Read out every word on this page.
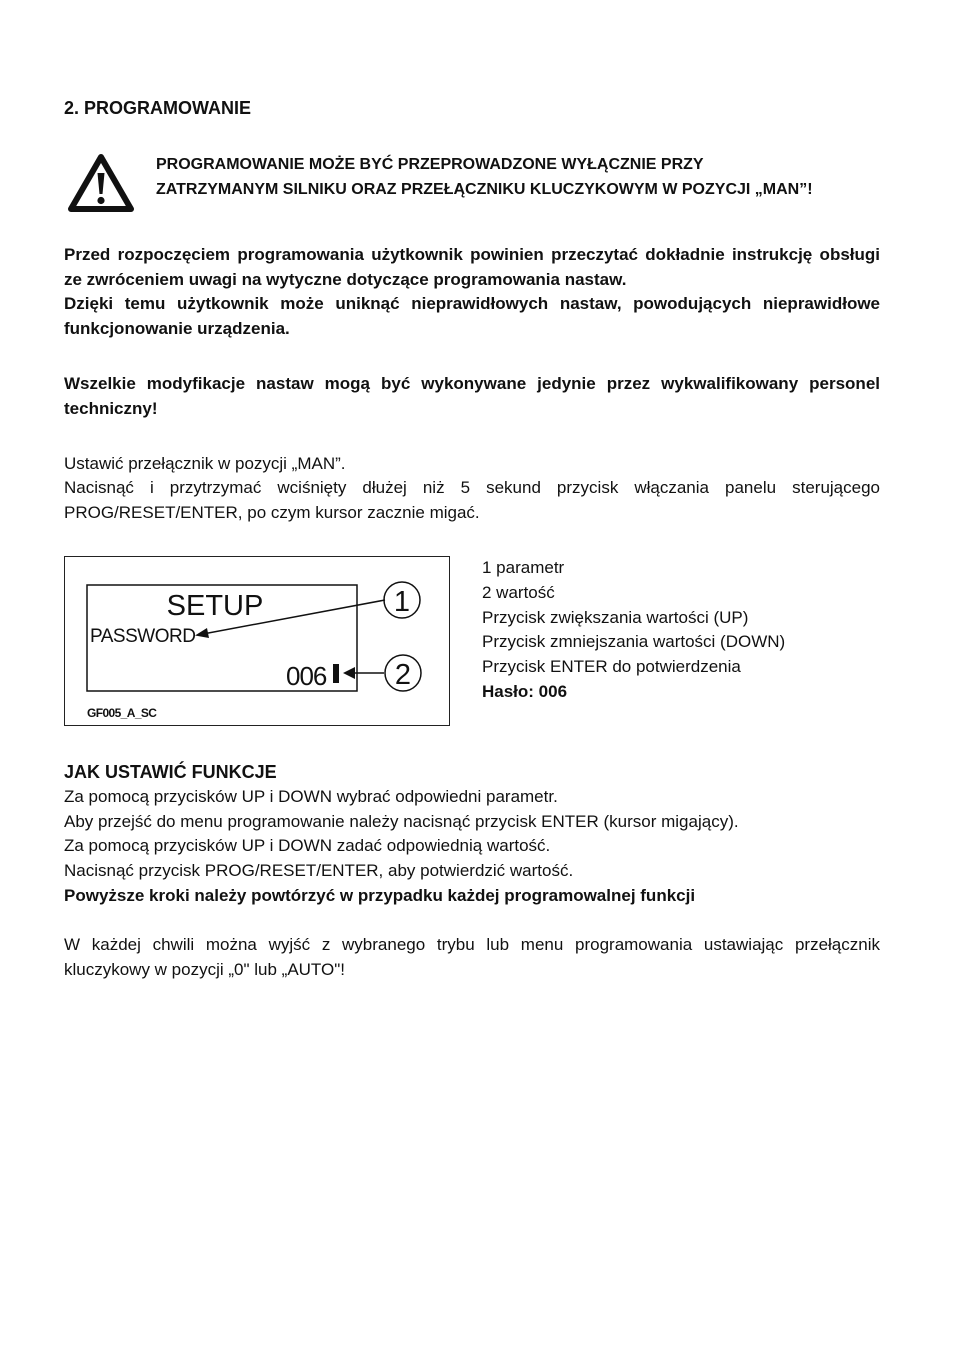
2. PROGRAMOWANIE
PROGRAMOWANIE MOŻE BYĆ PRZEPROWADZONE WYŁĄCZNIE PRZY
ZATRZYMANYM SILNIKU ORAZ PRZEŁĄCZNIKU KLUCZYKOWYM W POZYCJI „MAN”!

Przed rozpoczęciem programowania użytkownik powinien przeczytać dokładnie instrukcję obsługi ze zwróceniem uwagi na wytyczne dotyczące programowania nastaw.

Dzięki temu użytkownik może uniknąć nieprawidłowych nastaw, powodujących nieprawidłowe funkcjonowanie urządzenia.

Wszelkie modyfikacje nastaw mogą być wykonywane jedynie przez wykwalifikowany personel techniczny!

Ustawić przełącznik w pozycji „MAN”.

Nacisnąć i przytrzymać wciśnięty dłużej niż 5 sekund przycisk włączania panelu sterującego PROG/RESET/ENTER, po czym kursor zacznie migać.

SETUP
PASSWORD
006
1
2
GF005_A_SC
1 parametr
2 wartość
Przycisk zwiększania wartości (UP)
Przycisk zmniejszania wartości (DOWN)
Przycisk ENTER do potwierdzenia
Hasło: 006
JAK USTAWIĆ FUNKCJE
Za pomocą przycisków UP i DOWN wybrać odpowiedni parametr.
Aby przejść do menu programowanie należy nacisnąć przycisk ENTER (kursor migający).
Za pomocą przycisków UP i DOWN zadać odpowiednią wartość.
Nacisnąć przycisk PROG/RESET/ENTER, aby potwierdzić wartość.
Powyższe kroki należy powtórzyć w przypadku każdej programowalnej funkcji

W każdej chwili można wyjść z wybranego trybu lub menu programowania ustawiając przełącznik kluczykowy w pozycji „0" lub „AUTO"!
